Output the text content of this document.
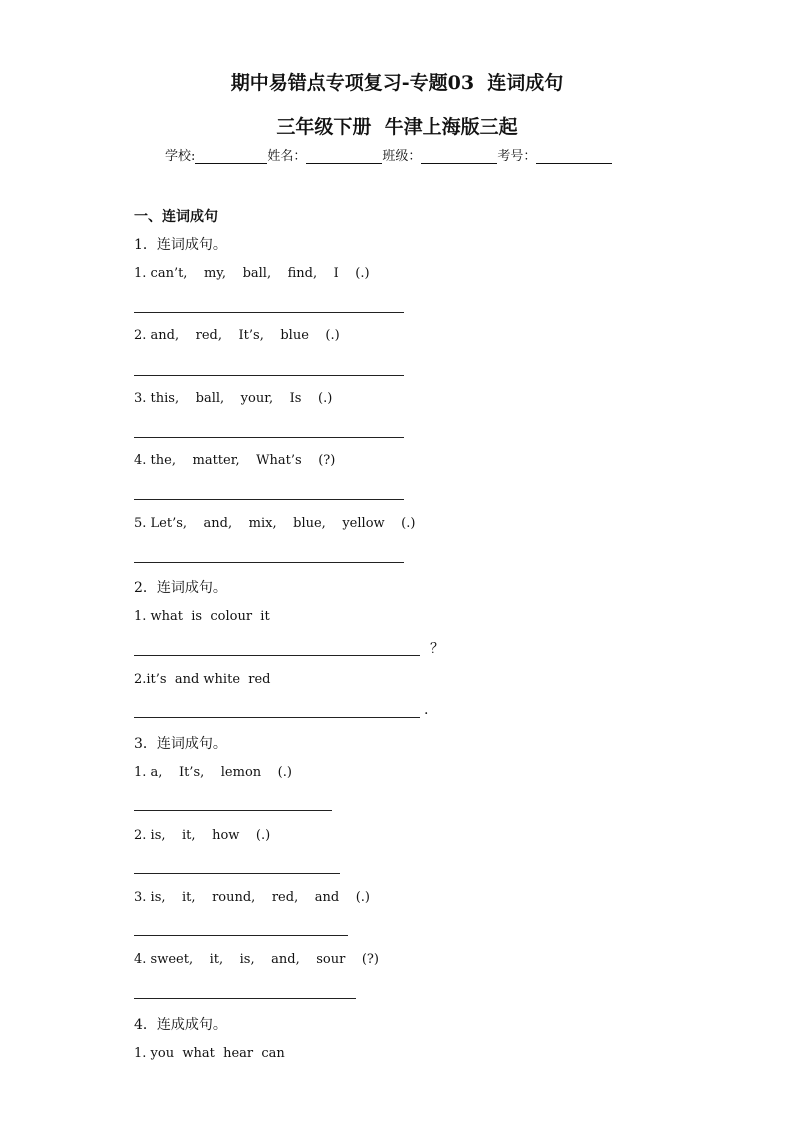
期中易错点专项复习-专题03  连词成句
三年级下册  牛津上海版三起
学校:	姓名：	班级：	考号：
一、连词成句
1．连词成句。
1. can’t,    my,    ball,    find,    I    (.)
2. and,    red,    It’s,    blue    (.)
3. this,    ball,    your,    Is    (.)
4. the,    matter,    What’s    (?)
5. Let’s,    and,    mix,    blue,    yellow    (.)
2．连词成句。
1. what  is  colour  it
？
2.it’s  and white  red
.
3．连词成句。
1. a,    It’s,    lemon    (.)
2. is,    it,    how    (.)
3. is,    it,    round,    red,    and    (.)
4. sweet,    it,    is,    and,    sour    (?)
4．连成成句。
1. you  what  hear  can
